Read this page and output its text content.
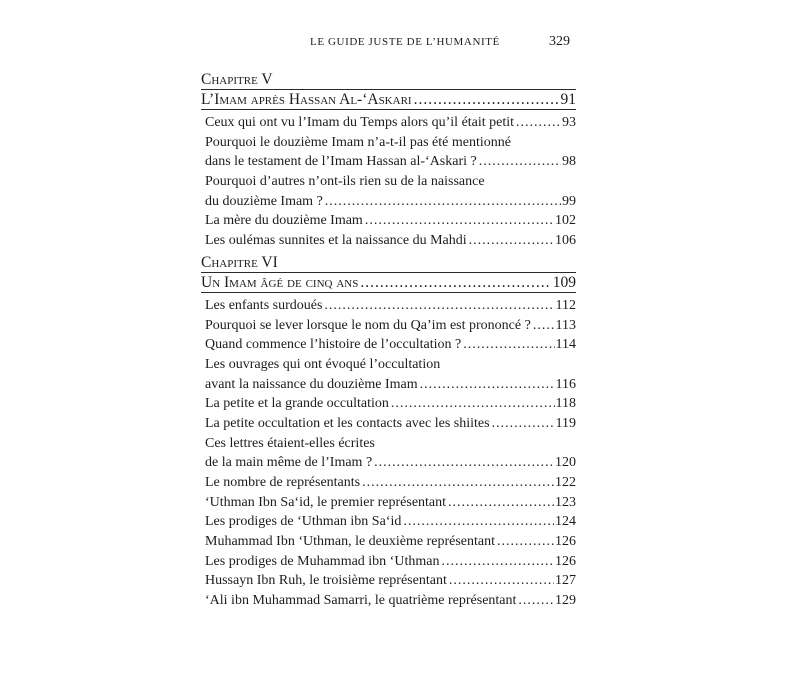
LE GUIDE JUSTE DE L’HUMANITÉ	329
Chapitre V
L’Imam après Hassan Al-‘Askari .....	91
Ceux qui ont vu l’Imam du Temps alors qu’il était petit .....	93
Pourquoi le douzième Imam n’a-t-il pas été mentionné
dans le testament de l’Imam Hassan al-‘Askari ? .....	98
Pourquoi d’autres n’ont-ils rien su de la naissance
du douzième Imam ? .....	99
La mère du douzième Imam .....	102
Les oulémas sunnites et la naissance du Mahdi .....	106
Chapitre VI
Un Imam âgé de cinq ans .....	109
Les enfants surdoués .....	112
Pourquoi se lever lorsque le nom du Qa’im est prononcé ? ..... 113
Quand commence l’histoire de l’occultation ? .....	114
Les ouvrages qui ont évoqué l’occultation
avant la naissance du douzième Imam .....	116
La petite et la grande occultation .....	118
La petite occultation et les contacts avec les shiites .....	119
Ces lettres étaient-elles écrites
de la main même de l’Imam ? .....	120
Le nombre de représentants .....	122
‘Uthman Ibn Sa‘id, le premier représentant .....	123
Les prodiges de ‘Uthman ibn Sa‘id .....	124
Muhammad Ibn ‘Uthman, le deuxième représentant .....	126
Les prodiges de Muhammad ibn ‘Uthman .....	126
Hussayn Ibn Ruh, le troisième représentant .....	127
‘Ali ibn Muhammad Samarri, le quatrième représentant .....	129
